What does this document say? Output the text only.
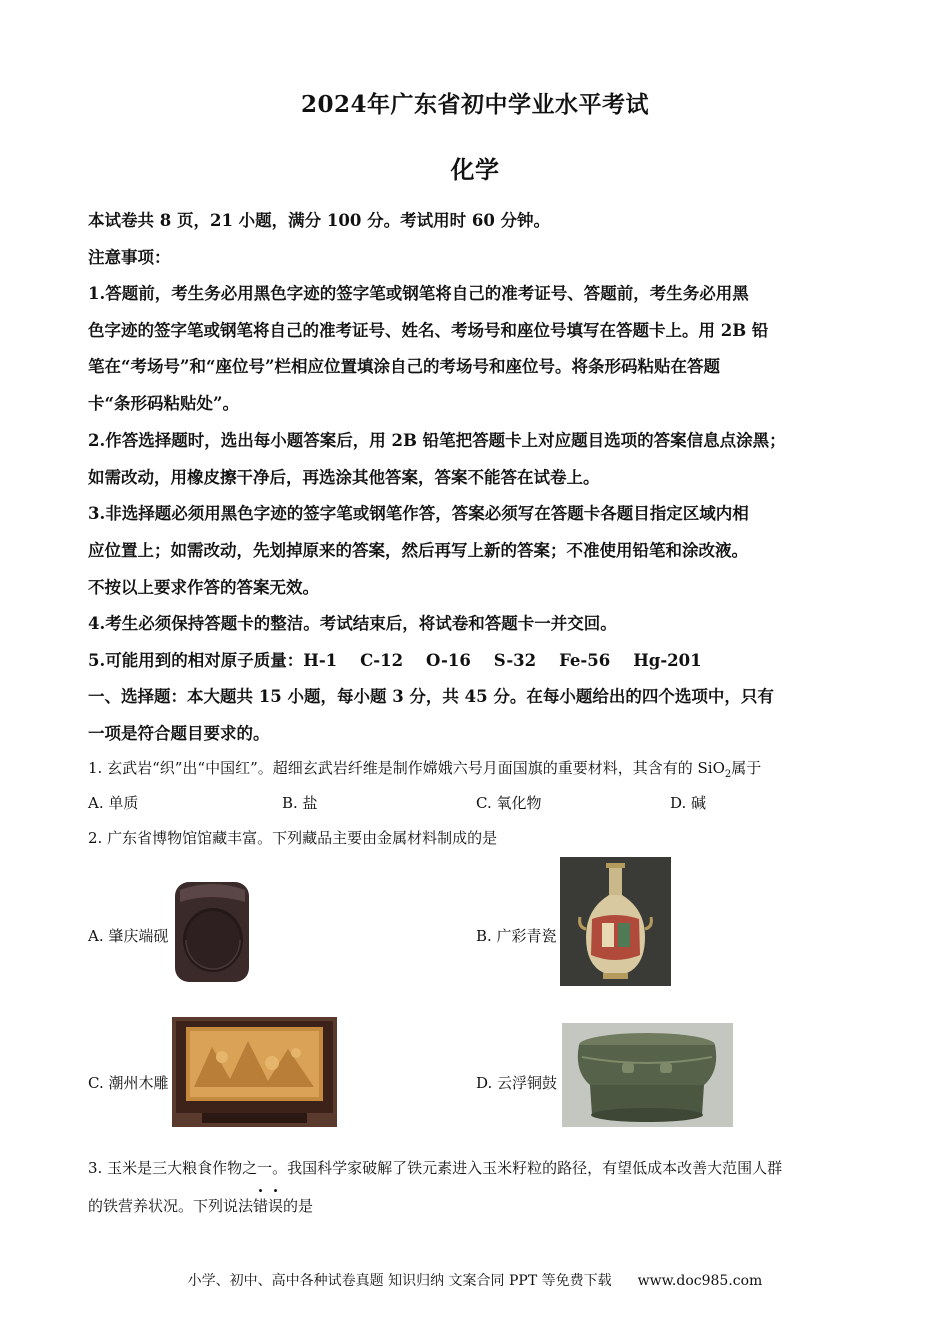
2024年广东省初中学业水平考试
化学
本试卷共 8 页，21 小题，满分 100 分。考试用时 60 分钟。
注意事项：
1.答题前，考生务必用黑色字迹的签字笔或钢笔将自己的准考证号、答题前，考生务必用黑
色字迹的签字笔或钢笔将自己的准考证号、姓名、考场号和座位号填写在答题卡上。用 2B 铅
笔在“考场号”和“座位号”栏相应位置填涂自己的考场号和座位号。将条形码粘贴在答题
卡“条形码粘贴处”。
2.作答选择题时，选出每小题答案后，用 2B 铅笔把答题卡上对应题目选项的答案信息点涂黑；
如需改动，用橡皮擦干净后，再选涂其他答案，答案不能答在试卷上。
3.非选择题必须用黑色字迹的签字笔或钢笔作答，答案必须写在答题卡各题目指定区域内相
应位置上；如需改动，先划掉原来的答案，然后再写上新的答案；不准使用铅笔和涂改液。
不按以上要求作答的答案无效。
4.考生必须保持答题卡的整洁。考试结束后，将试卷和答题卡一并交回。
5.可能用到的相对原子质量：H-1    C-12    O-16    S-32    Fe-56    Hg-201
一、选择题：本大题共 15 小题，每小题 3 分，共 45 分。在每小题给出的四个选项中，只有
一项是符合题目要求的。
1. 玄武岩“织”出“中国红”。超细玄武岩纤维是制作嫦娥六号月面国旗的重要材料，其含有的 SiO$_2$属于
A. 单质	B. 盐	C. 氧化物	D. 碱
2. 广东省博物馆馆藏丰富。下列藏品主要由金属材料制成的是
A. 肇庆端砚	B. 广彩青瓷
C. 潮州木雕	D. 云浮铜鼓
3. 玉米是三大粮食作物之一。我国科学家破解了铁元素进入玉米籽粒的路径，有望低成本改善大范围人群
的铁营养状况。下列说法错误的是
小学、初中、高中各种试卷真题 知识归纳 文案合同 PPT 等免费下载 www.doc985.com
